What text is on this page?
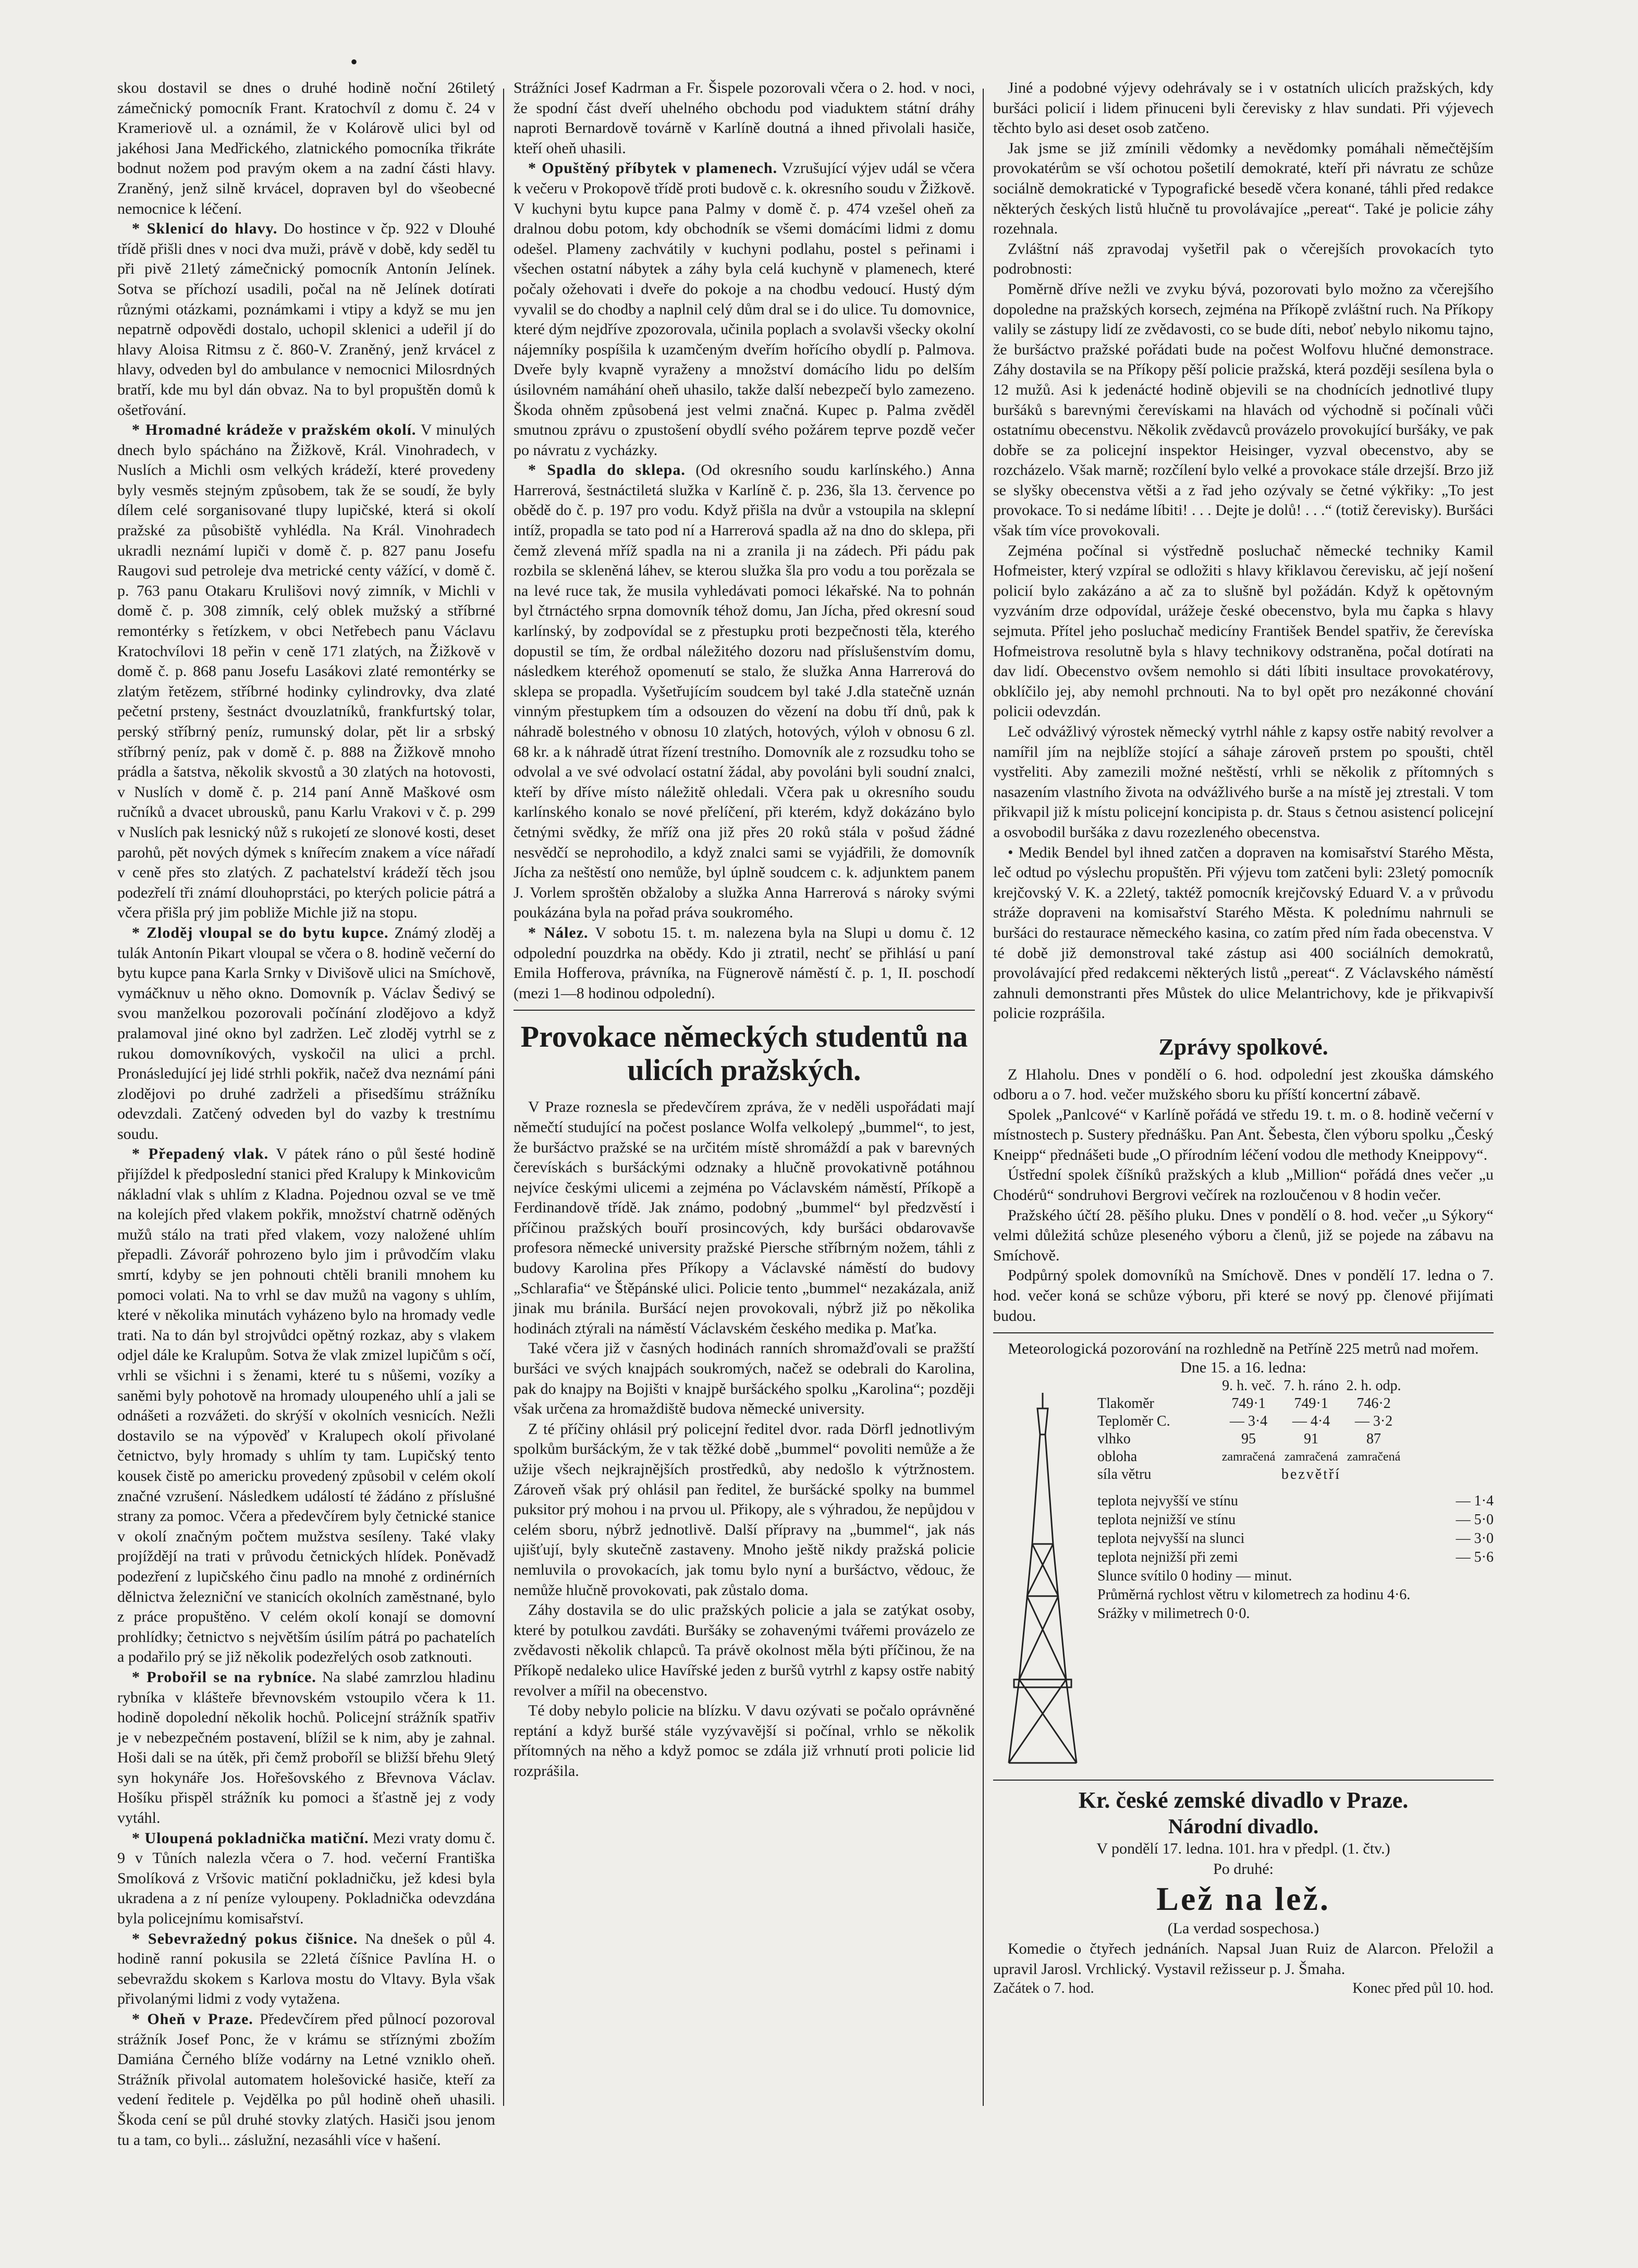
•

skou dostavil se dnes o druhé hodině noční 26tiletý zámečnický pomocník Frant. Kratochvíl z domu č. 24 v Krameriově ul. a oznámil, že v Kolárově ulici byl od jakéhosi Jana Medřického, zlatnického pomocníka třikráte bodnut nožem pod pravým okem a na zadní části hlavy. Zraněný, jenž silně krvácel, dopraven byl do všeobecné nemocnice k léčení.

* Sklenicí do hlavy. Do hostince v čp. 922 v Dlouhé třídě přišli dnes v noci dva muži, právě v době, kdy seděl tu při pivě 21letý zámečnický pomocník Antonín Jelínek. Sotva se příchozí usadili, počal na ně Jelínek dotírati různými otázkami, poznámkami i vtipy a když se mu jen nepatrně odpovědi dostalo, uchopil sklenici a udeřil jí do hlavy Aloisa Ritmsu z č. 860-V. Zraněný, jenž krvácel z hlavy, odveden byl do ambulance v nemocnici Milosrdných bratří, kde mu byl dán obvaz. Na to byl propuštěn domů k ošetřování.

* Hromadné krádeže v pražském okolí. V minulých dnech bylo spácháno na Žižkově, Král. Vinohradech, v Nuslích a Michli osm velkých krádeží, které provedeny byly vesměs stejným způsobem, tak že se soudí, že byly dílem celé sorganisované tlupy lupičské, která si okolí pražské za působiště vyhlédla. Na Král. Vinohradech ukradli neznámí lupiči v domě č. p. 827 panu Josefu Raugovi sud petroleje dva metrické centy vážící, v domě č. p. 763 panu Otakaru Krulišovi nový zimník, v Michli v domě č. p. 308 zimník, celý oblek mužský a stříbrné remontérky s řetízkem, v obci Netřebech panu Václavu Kratochvílovi 18 peřin v ceně 171 zlatých, na Žižkově v domě č. p. 868 panu Josefu Lasákovi zlaté remontérky se zlatým řetězem, stříbrné hodinky cylindrovky, dva zlaté pečetní prsteny, šestnáct dvouzlatníků, frankfurtský tolar, perský stříbrný peníz, rumunský dolar, pět lir a srbský stříbrný peníz, pak v domě č. p. 888 na Žižkově mnoho prádla a šatstva, několik skvostů a 30 zlatých na hotovosti, v Nuslích v domě č. p. 214 paní Anně Maškové osm ručníků a dvacet ubrousků, panu Karlu Vrakovi v č. p. 299 v Nuslích pak lesnický nůž s rukojetí ze slonové kosti, deset parohů, pět nových dýmek s knířecím znakem a více nářadí v ceně přes sto zlatých. Z pachatelství krádeží těch jsou podezřelí tři známí dlouhoprstáci, po kterých policie pátrá a včera přišla prý jim pobliže Michle již na stopu.

* Zloděj vloupal se do bytu kupce. Známý zloděj a tulák Antonín Pikart vloupal se včera o 8. hodině večerní do bytu kupce pana Karla Srnky v Divišově ulici na Smíchově, vymáčknuv u něho okno. Domovník p. Václav Šedivý se svou manželkou pozorovali počínání zlodějovo a když pralamoval jiné okno byl zadržen. Leč zloděj vytrhl se z rukou domovníkových, vyskočil na ulici a prchl. Pronásledující jej lidé strhli pokřik, načež dva neznámí páni zlodějovi po druhé zadrželi a přisedšímu strážníku odevzdali. Zatčený odveden byl do vazby k trestnímu soudu.

* Přepadený vlak. V pátek ráno o půl šesté hodině přijíždel k předposlední stanici před Kralupy k Minkovicům nákladní vlak s uhlím z Kladna. Pojednou ozval se ve tmě na kolejích před vlakem pokřik, množství chatrně oděných mužů stálo na trati před vlakem, vozy naložené uhlím přepadli. Závorář pohrozeno bylo jim i průvodčím vlaku smrtí, kdyby se jen pohnouti chtěli branili mnohem ku pomoci volati. Na to vrhl se dav mužů na vagony s uhlím, které v několika minutách vyházeno bylo na hromady vedle trati. Na to dán byl strojvůdci opětný rozkaz, aby s vlakem odjel dále ke Kralupům. Sotva že vlak zmizel lupičům s očí, vrhli se všichni i s ženami, které tu s nůšemi, vozíky a saněmi byly pohotově na hromady uloupeného uhlí a jali se odnášeti a rozvážeti. do skrýší v okolních vesnicích. Nežli dostavilo se na výpověď v Kralupech okolí přivolané četnictvo, byly hromady s uhlím ty tam. Lupičský tento kousek čistě po americku provedený způsobil v celém okolí značné vzrušení. Následkem událostí té žádáno z příslušné strany za pomoc. Včera a předevčírem byly četnické stanice v okolí značným počtem mužstva sesíleny. Také vlaky projíždějí na trati v průvodu četnických hlídek. Poněvadž podezření z lupičského činu padlo na mnohé z ordinérních dělnictva železniční ve stanicích okolních zaměstnané, bylo z práce propuštěno. V celém okolí konají se domovní prohlídky; četnictvo s největším úsilím pátrá po pachatelích a podařilo prý se již několik podezřelých osob zatknouti.

* Probořil se na rybníce. Na slabé zamrzlou hladinu rybníka v klášteře břevnovském vstoupilo včera k 11. hodině dopolední několik hochů. Policejní strážník spatřiv je v nebezpečném postavení, blížil se k nim, aby je zahnal. Hoši dali se na útěk, při čemž proboříl se bližší břehu 9letý syn hokynáře Jos. Hořešovského z Břevnova Václav. Hošíku přispěl strážník ku pomoci a šťastně jej z vody vytáhl.

* Uloupená pokladnička matiční. Mezi vraty domu č. 9 v Tůních nalezla včera o 7. hod. večerní Františka Smolíková z Vršovic matiční pokladničku, jež kdesi byla ukradena a z ní peníze vyloupeny. Pokladnička odevzdána byla policejnímu komisařství.

* Sebevražedný pokus čišnice. Na dnešek o půl 4. hodině ranní pokusila se 22letá číšnice Pavlína H. o sebevraždu skokem s Karlova mostu do Vltavy. Byla však přivolanými lidmi z vody vytažena.

* Oheň v Praze. Předevčírem před půlnocí pozoroval strážník Josef Ponc, že v krámu se stříznými zbožím Damiána Černého blíže vodárny na Letné vzniklo oheň. Strážník přivolal automatem holešovické hasiče, kteří za vedení ředitele p. Vejdělka po půl hodině oheň uhasili. Škoda cení se půl druhé stovky zlatých. Hasiči jsou jenom tu a tam, co byli... záslužní, nezasáhli více v hašení.

Strážníci Josef Kadrman a Fr. Šispele pozorovali včera o 2. hod. v noci, že spodní část dveří uhelného obchodu pod viaduktem státní dráhy naproti Bernardově továrně v Karlíně doutná a ihned přivolali hasiče, kteří oheň uhasili.

* Opuštěný příbytek v plamenech. Vzrušující výjev udál se včera k večeru v Prokopově třídě proti budově c. k. okresního soudu v Žižkově. V kuchyni bytu kupce pana Palmy v domě č. p. 474 vzešel oheň za dralnou dobu potom, kdy obchodník se všemi domácími lidmi z domu odešel. Plameny zachvátily v kuchyni podlahu, postel s peřinami i všechen ostatní nábytek a záhy byla celá kuchyně v plamenech, které počaly ožehovati i dveře do pokoje a na chodbu vedoucí. Hustý dým vyvalil se do chodby a naplnil celý dům dral se i do ulice. Tu domovnice, které dým nejdříve zpozorovala, učinila poplach a svolavši všecky okolní nájemníky pospíšila k uzamčeným dveřím hořícího obydlí p. Palmova. Dveře byly kvapně vyraženy a množství domácího lidu po delším úsilovném namáhání oheň uhasilo, takže další nebezpečí bylo zamezeno. Škoda ohněm způsobená jest velmi značná. Kupec p. Palma zvěděl smutnou zprávu o zpustošení obydlí svého požárem teprve pozdě večer po návratu z vycházky.

* Spadla do sklepa. (Od okresního soudu karlínského.) Anna Harrerová, šestnáctiletá služka v Karlíně č. p. 236, šla 13. července po obědě do č. p. 197 pro vodu. Když přišla na dvůr a vstoupila na sklepní intíž, propadla se tato pod ní a Harrerová spadla až na dno do sklepa, při čemž zlevená mříž spadla na ni a zranila ji na zádech. Při pádu pak rozbila se skleněná láhev, se kterou služka šla pro vodu a tou porězala se na levé ruce tak, že musila vyhledávati pomoci lékařské. Na to pohnán byl čtrnáctého srpna domovník téhož domu, Jan Jícha, před okresní soud karlínský, by zodpovídal se z přestupku proti bezpečnosti těla, kterého dopustil se tím, že ordbal náležitého dozoru nad příslušenstvím domu, následkem kteréhož opomenutí se stalo, že služka Anna Harrerová do sklepa se propadla. Vyšetřujícím soudcem byl také J.dla statečně uznán vinným přestupkem tím a odsouzen do vězení na dobu tří dnů, pak k náhradě bolestného v obnosu 10 zlatých, hotových, výloh v obnosu 6 zl. 68 kr. a k náhradě útrat řízení trestního. Domovník ale z rozsudku toho se odvolal a ve své odvolací ostatní žádal, aby povoláni byli soudní znalci, kteří by dříve místo náležitě ohledali. Včera pak u okresního soudu karlínského konalo se nové přelíčení, při kterém, když dokázáno bylo četnými svědky, že mříž ona již přes 20 roků stála v pošud žádné nesvědčí se neprohodilo, a když znalci sami se vyjádřili, že domovník Jícha za neštěstí ono nemůže, byl úplně soudcem c. k. adjunktem panem J. Vorlem sproštěn obžaloby a služka Anna Harrerová s nároky svými poukázána byla na pořad práva soukromého.

* Nález. V sobotu 15. t. m. nalezena byla na Slupi u domu č. 12 odpolední pouzdrka na obědy. Kdo ji ztratil, nechť se přihlásí u paní Emila Hofferova, právníka, na Fügnerově náměstí č. p. 1, II. poschodí (mezi 1—8 hodinou odpolední).

Provokace německých studentů na ulicích pražských.

V Praze roznesla se předevčírem zpráva, že v neděli uspořádati mají němečtí studující na počest poslance Wolfa velkolepý „bummel“, to jest, že buršáctvo pražské se na určitém místě shromáždí a pak v barevných čerevískách s buršáckými odznaky a hlučně provokativně potáhnou nejvíce českými ulicemi a zejména po Václavském náměstí, Příkopě a Ferdinandově třídě. Jak známo, podobný „bummel“ byl předzvěstí i příčinou pražských bouří prosincových, kdy buršáci obdarovavše profesora německé university pražské Piersche stříbrným nožem, táhli z budovy Karolina přes Příkopy a Václavské náměstí do budovy „Schlarafia“ ve Štěpánské ulici. Policie tento „bummel“ nezakázala, aniž jinak mu bránila. Buršácí nejen provokovali, nýbrž již po několika hodinách ztýrali na náměstí Václavském českého medika p. Maťka.

Také včera již v časných hodinách ranních shromažďovali se pražští buršáci ve svých knajpách soukromých, načež se odebrali do Karolina, pak do knajpy na Bojišti v knajpě buršáckého spolku „Karolina“; později však určena za hromaždiště budova německé university.

Z té příčiny ohlásil prý policejní ředitel dvor. rada Dörfl jednotlivým spolkům buršáckým, že v tak těžké době „bummel“ povoliti nemůže a že užije všech nejkrajnějších prostředků, aby nedošlo k výtržnostem. Zároveň však prý ohlásil pan ředitel, že buršácké spolky na bummel puksitor prý mohou i na prvou ul. Přikopy, ale s výhradou, že nepůjdou v celém sboru, nýbrž jednotlivě. Další přípravy na „bummel“, jak nás ujišťují, byly skutečně zastaveny. Mnoho ještě nikdy pražská policie nemluvila o provokacích, jak tomu bylo nyní a buršáctvo, vědouc, že nemůže hlučně provokovati, pak zůstalo doma.

Záhy dostavila se do ulic pražských policie a jala se zatýkat osoby, které by potulkou zavdáti. Buršáky se zohavenými tvářemi provázelo ze zvědavosti několik chlapců. Ta právě okolnost měla býti příčinou, že na Příkopě nedaleko ulice Havířské jeden z buršů vytrhl z kapsy ostře nabitý revolver a mířil na obecenstvo.

Té doby nebylo policie na blízku. V davu ozývati se počalo oprávněné reptání a když buršé stále vyzývavější si počínal, vrhlo se několik přítomných na něho a když pomoc se zdála již vrhnutí proti policie lid rozprášila.

Jiné a podobné výjevy odehrávaly se i v ostatních ulicích pražských, kdy buršáci policií i lidem přinuceni byli čerevisky z hlav sundati. Při výjevech těchto bylo asi deset osob zatčeno.

Jak jsme se již zmínili vědomky a nevědomky pomáhali němečtějším provokatérům se vší ochotou pošetilí demokraté, kteří při návratu ze schůze sociálně demokratické v Typografické besedě včera konané, táhli před redakce některých českých listů hlučně tu provolávajíce „pereat“. Také je policie záhy rozehnala.

Zvláštní náš zpravodaj vyšetřil pak o včerejších provokacích tyto podrobnosti:

Poměrně dříve nežli ve zvyku bývá, pozorovati bylo možno za včerejšího dopoledne na pražských korsech, zejména na Příkopě zvláštní ruch. Na Příkopy valily se zástupy lidí ze zvědavosti, co se bude díti, neboť nebylo nikomu tajno, že buršáctvo pražské pořádati bude na počest Wolfovu hlučné demonstrace. Záhy dostavila se na Příkopy pěší policie pražská, která později sesílena byla o 12 mužů. Asi k jedenácté hodině objevili se na chodnících jednotlivé tlupy buršáků s barevnými čerevískami na hlavách od východně si počínali vůči ostatnímu obecenstvu. Několik zvědavců provázelo provokující buršáky, ve pak dobře se za policejní inspektor Heisinger, vyzval obecenstvo, aby se rozcházelo. Však marně; rozčílení bylo velké a provokace stále drzejší. Brzo již se slyšky obecenstva větši a z řad jeho ozývaly se četné výkřiky: „To jest provokace. To si nedáme líbiti! . . . Dejte je dolů! . . .“ (totiž čerevisky). Buršáci však tím více provokovali.

Zejména počínal si výstředně posluchač německé techniky Kamil Hofmeister, který vzpíral se odložiti s hlavy křiklavou čerevisku, ač její nošení policií bylo zakázáno a ač za to slušně byl požádán. Když k opětovným vyzváním drze odpovídal, urážeje české obecenstvo, byla mu čapka s hlavy sejmuta. Přítel jeho posluchač medicíny František Bendel spatřiv, že čerevíska Hofmeistrova resolutně byla s hlavy technikovy odstraněna, počal dotírati na dav lidí. Obecenstvo ovšem nemohlo si dáti líbiti insultace provokatérovy, obklíčilo jej, aby nemohl prchnouti. Na to byl opět pro nezákonné chování policii odevzdán.

Leč odvážlivý výrostek německý vytrhl náhle z kapsy ostře nabitý revolver a namířil jím na nejblíže stojící a sáhaje zároveň prstem po spoušti, chtěl vystřeliti. Aby zamezili možné neštěstí, vrhli se několik z přítomných s nasazením vlastního života na odvážlivého burše a na místě jej ztrestali. V tom přikvapil již k místu policejní koncipista p. dr. Staus s četnou asistencí policejní a osvobodil buršáka z davu rozezleného obecenstva.

• Medik Bendel byl ihned zatčen a dopraven na komisařství Starého Města, leč odtud po výslechu propuštěn. Při výjevu tom zatčeni byli: 23letý pomocník krejčovský V. K. a 22letý, taktéž pomocník krejčovský Eduard V. a v průvodu stráže dopraveni na komisařství Starého Města. K polednímu nahrnuli se buršáci do restaurace německého kasina, co zatím před ním řada obecenstva. V té době již demonstroval také zástup asi 400 sociálních demokratů, provolávající před redakcemi některých listů „pereat“. Z Václavského náměstí zahnuli demonstranti přes Můstek do ulice Melantrichovy, kde je přikvapivší policie rozprášila.

Zprávy spolkové.

Z Hlaholu. Dnes v pondělí o 6. hod. odpolední jest zkouška dámského odboru a o 7. hod. večer mužského sboru ku příští koncertní zábavě.

Spolek „Panlcové“ v Karlíně pořádá ve středu 19. t. m. o 8. hodině večerní v místnostech p. Sustery přednášku. Pan Ant. Šebesta, člen výboru spolku „Český Kneipp“ přednášeti bude „O přírodním léčení vodou dle methody Kneippovy“.

Ústřední spolek číšníků pražských a klub „Million“ pořádá dnes večer „u Chodérů“ sondruhovi Bergrovi večírek na rozloučenou v 8 hodin večer.

Pražského účtí 28. pěšího pluku. Dnes v pondělí o 8. hod. večer „u Sýkory“ velmi důležitá schůze pleseného výboru a členů, již se pojede na zábavu na Smíchově.

Podpůrný spolek domovníků na Smíchově. Dnes v pondělí 17. ledna o 7. hod. večer koná se schůze výboru, při které se nový pp. členové přijímati budou.

Meteorologická pozorování na rozhledně na Petříně 225 metrů nad mořem.
Dne 15. a 16. ledna:
9. h. več. 7. h. ráno 2. h. odp.
Tlakoměr	749·1	749·1	746·2
Teploměr C.	— 3·4	— 4·4	— 3·2
vlhko	95	91	87
obloha	zamračená zamračená zamračená
síla větru	bezvětří
teplota nejvyšší ve stínu	— 1·4
teplota nejnižší ve stínu	— 5·0
teplota nejvyšší na slunci	— 3·0
teplota nejnižší při zemi	— 5·6
Slunce svítilo 0 hodiny — minut.
Průměrná rychlost větru v kilometrech za hodinu 4·6.
Srážky v milimetrech 0·0.
Kr. české zemské divadlo v Praze.
Národní divadlo.
V pondělí 17. ledna. 101. hra v předpl. (1. čtv.)
Po druhé:
Lež na lež.
(La verdad sospechosa.)

Komedie o čtyřech jednáních. Napsal Juan Ruiz de Alarcon. Přeložil a upravil Jarosl. Vrchlický. Vystavil režisseur p. J. Šmaha.

Začátek o 7. hod.	Konec před půl 10. hod.
